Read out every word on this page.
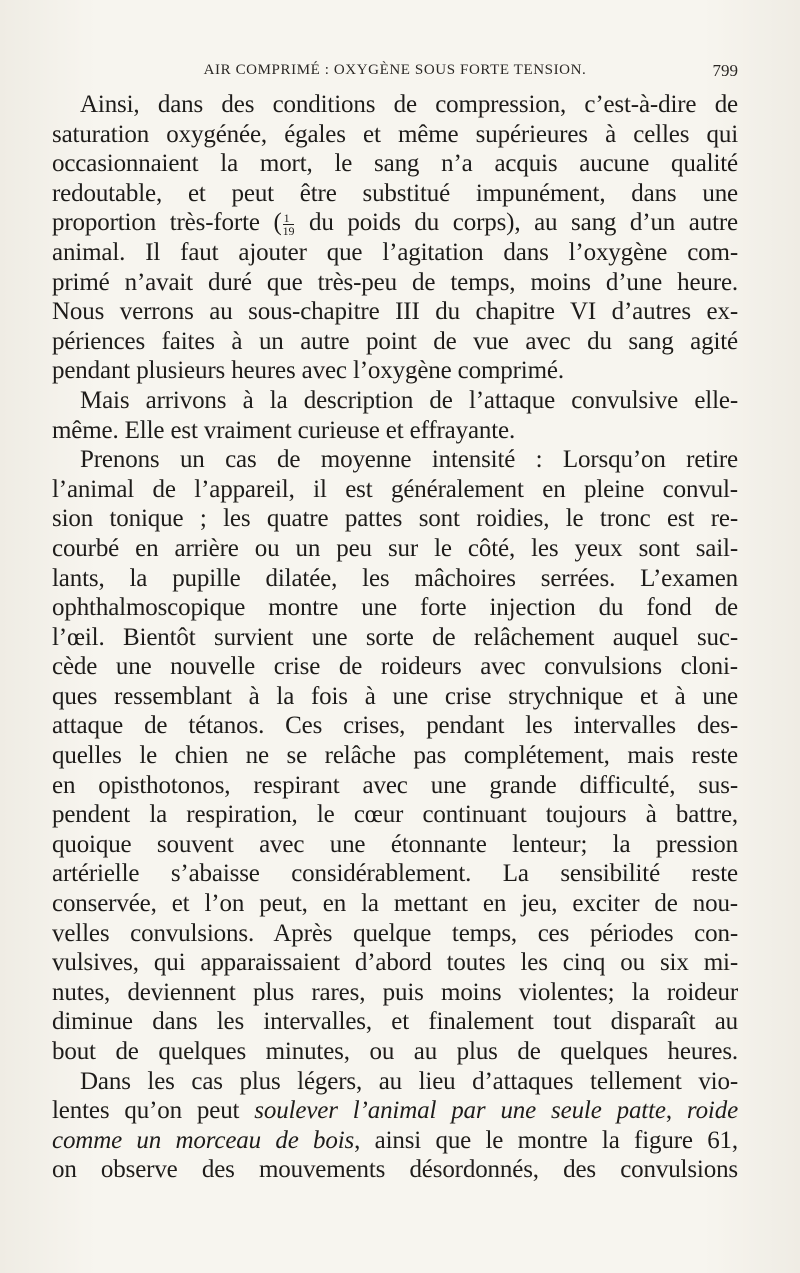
AIR COMPRIMÉ : OXYGÈNE SOUS FORTE TENSION.	799
Ainsi, dans des conditions de compression, c’est-à-dire de
saturation oxygénée, égales et même supérieures à celles qui
occasionnaient la mort, le sang n’a acquis aucune qualité
redoutable, et peut être substitué impunément, dans une
proportion très-forte ( $\frac{1}{19}$ du poids du corps), au sang d’un autre
animal. Il faut ajouter que l’agitation dans l’oxygène com-
primé n’avait duré que très-peu de temps, moins d’une heure.
Nous verrons au sous-chapitre III du chapitre VI d’autres ex-
périences faites à un autre point de vue avec du sang agité
pendant plusieurs heures avec l’oxygène comprimé.
Mais arrivons à la description de l’attaque convulsive elle-
même. Elle est vraiment curieuse et effrayante.
Prenons un cas de moyenne intensité : Lorsqu’on retire
l’animal de l’appareil, il est généralement en pleine convul-
sion tonique ; les quatre pattes sont roidies, le tronc est re-
courbé en arrière ou un peu sur le côté, les yeux sont sail-
lants, la pupille dilatée, les mâchoires serrées. L’examen
ophthalmoscopique montre une forte injection du fond de
l’œil. Bientôt survient une sorte de relâchement auquel suc-
cède une nouvelle crise de roideurs avec convulsions cloni-
ques ressemblant à la fois à une crise strychnique et à une
attaque de tétanos. Ces crises, pendant les intervalles des-
quelles le chien ne se relâche pas complétement, mais reste
en opisthotonos, respirant avec une grande difficulté, sus-
pendent la respiration, le cœur continuant toujours à battre,
quoique souvent avec une étonnante lenteur; la pression
artérielle s’abaisse considérablement. La sensibilité reste
conservée, et l’on peut, en la mettant en jeu, exciter de nou-
velles convulsions. Après quelque temps, ces périodes con-
vulsives, qui apparaissaient d’abord toutes les cinq ou six mi-
nutes, deviennent plus rares, puis moins violentes; la roideur
diminue dans les intervalles, et finalement tout disparaît au
bout de quelques minutes, ou au plus de quelques heures.
Dans les cas plus légers, au lieu d’attaques tellement vio-
lentes qu’on peut soulever l’animal par une seule patte, roide
comme un morceau de bois, ainsi que le montre la figure 61,
on observe des mouvements désordonnés, des convulsions
